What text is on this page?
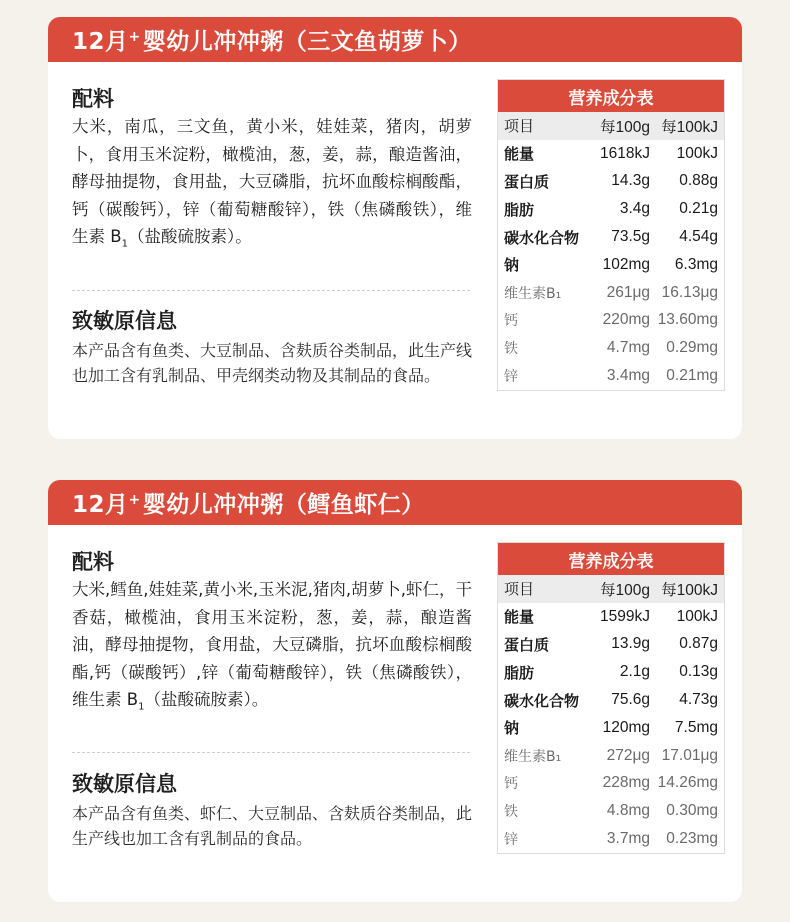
12月+ 婴幼儿冲冲粥（三文鱼胡萝卜）
配料

大米，南瓜，三文鱼，黄小米，娃娃菜，猪肉，胡萝卜，食用玉米淀粉，橄榄油，葱，姜，蒜，酿造酱油，酵母抽提物，食用盐，大豆磷脂，抗坏血酸棕榈酸酯，钙（碳酸钙），锌（葡萄糖酸锌），铁（焦磷酸铁），维生素 $B_1$（盐酸硫胺素）。

致敏原信息

本产品含有鱼类、大豆制品、含麸质谷类制品，此生产线也加工含有乳制品、甲壳纲类动物及其制品的食品。

营养成分表
项目	每100g 每100kJ
能量	1618kJ	100kJ
蛋白质	14.3g	0.88g
脂肪	3.4g	0.21g
碳水化合物	73.5g	4.54g
钠	102mg	6.3mg
维生素B₁	261μg 16.13μg
钙	220mg 13.60mg
铁	4.7mg	0.29mg
锌	3.4mg	0.21mg
12月+ 婴幼儿冲冲粥（鳕鱼虾仁）
配料

大米,鳕鱼,娃娃菜,黄小米,玉米泥,猪肉,胡萝卜,虾仁，干香菇，橄榄油，食用玉米淀粉，葱，姜，蒜，酿造酱油，酵母抽提物，食用盐，大豆磷脂，抗坏血酸棕榈酸酯,钙（碳酸钙）,锌（葡萄糖酸锌），铁（焦磷酸铁），维生素 $B_1$（盐酸硫胺素）。

致敏原信息

本产品含有鱼类、虾仁、大豆制品、含麸质谷类制品，此生产线也加工含有乳制品的食品。

营养成分表
项目	每100g 每100kJ
能量	1599kJ	100kJ
蛋白质	13.9g	0.87g
脂肪	2.1g	0.13g
碳水化合物	75.6g	4.73g
钠	120mg	7.5mg
维生素B₁	272μg 17.01μg
钙	228mg 14.26mg
铁	4.8mg	0.30mg
锌	3.7mg	0.23mg
